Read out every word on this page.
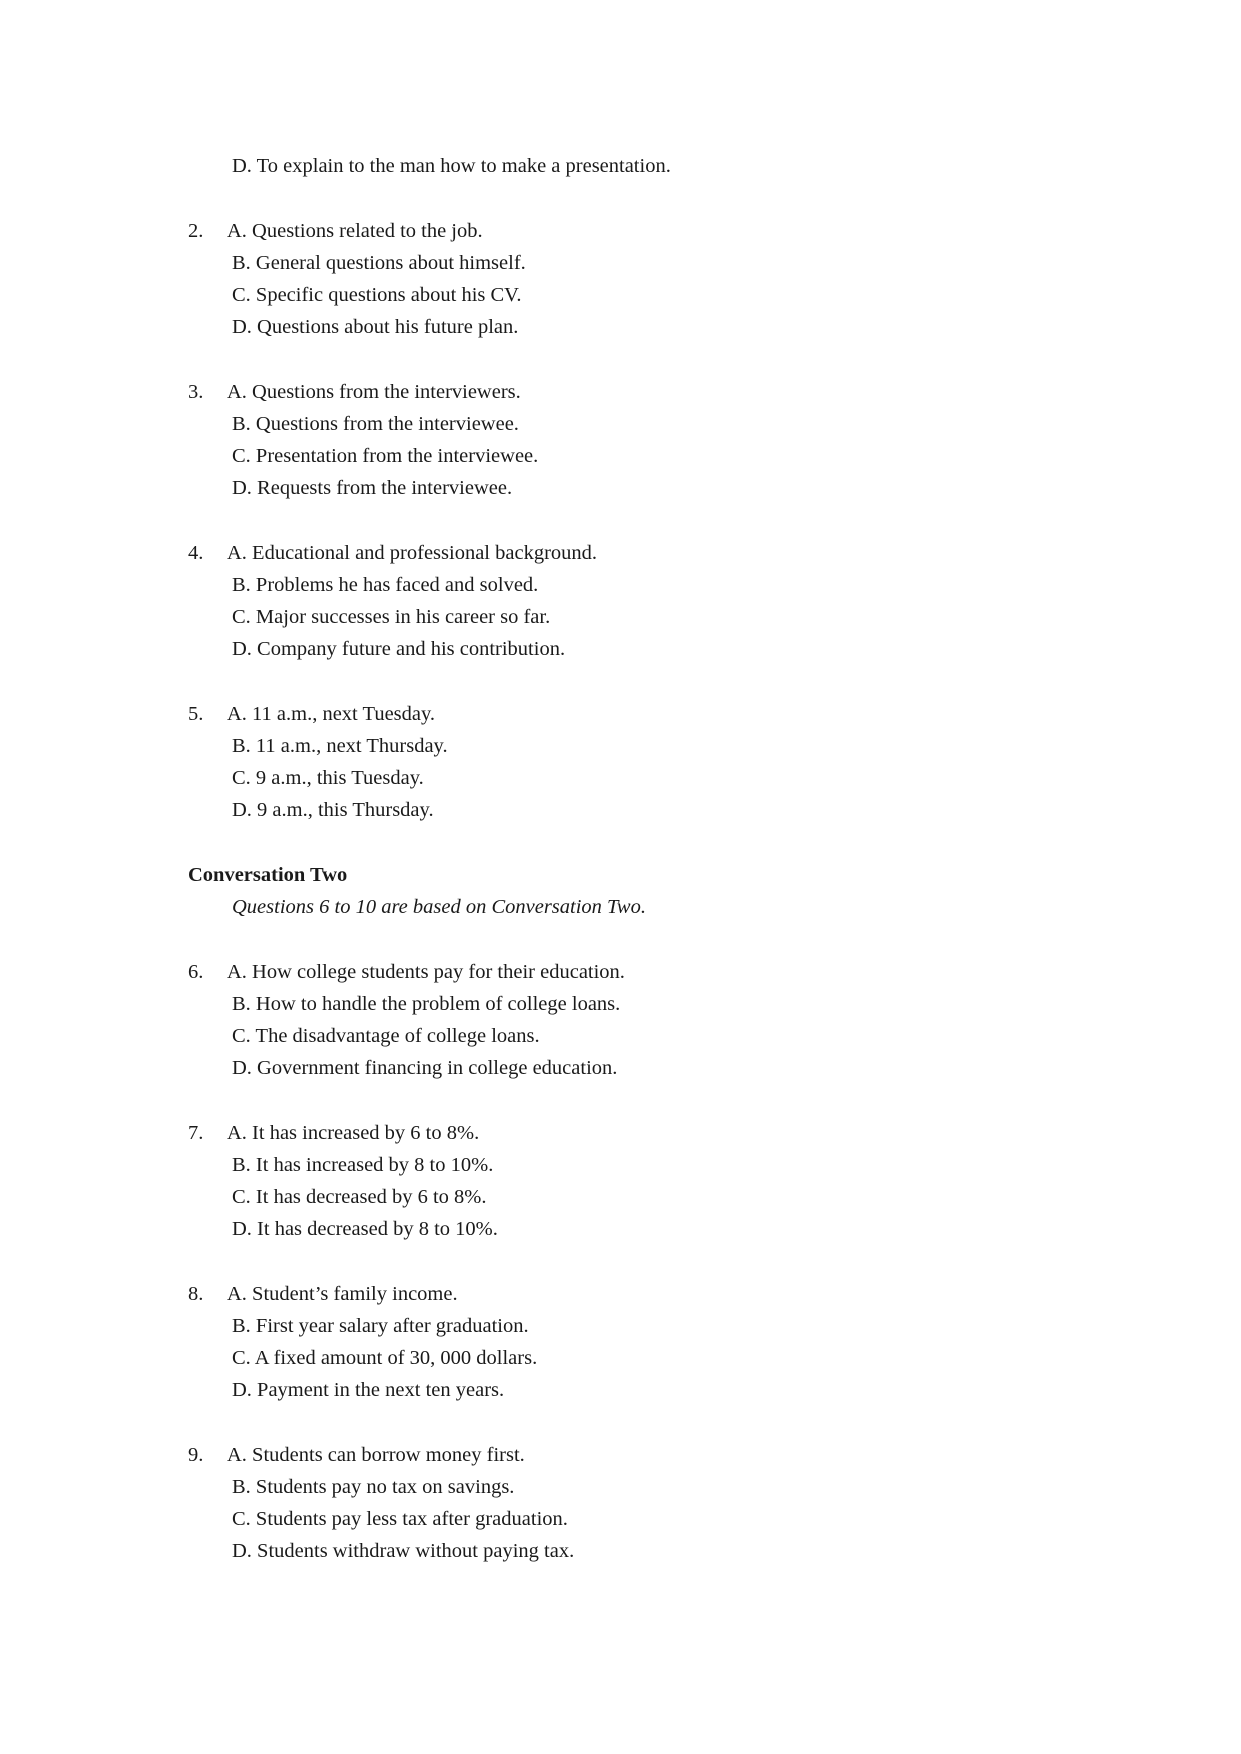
D. To explain to the man how to make a presentation.
2.	A. Questions related to the job.
B. General questions about himself.
C. Specific questions about his CV.
D. Questions about his future plan.
3.	A. Questions from the interviewers.
B. Questions from the interviewee.
C. Presentation from the interviewee.
D. Requests from the interviewee.
4.	A. Educational and professional background.
B. Problems he has faced and solved.
C. Major successes in his career so far.
D. Company future and his contribution.
5.	A. 11 a.m., next Tuesday.
B. 11 a.m., next Thursday.
C. 9 a.m., this Tuesday.
D. 9 a.m., this Thursday.
Conversation Two
Questions 6 to 10 are based on Conversation Two.
6.	A. How college students pay for their education.
B. How to handle the problem of college loans.
C. The disadvantage of college loans.
D. Government financing in college education.
7.	A. It has increased by 6 to 8%.
B. It has increased by 8 to 10%.
C. It has decreased by 6 to 8%.
D. It has decreased by 8 to 10%.
8.	A. Student’s family income.
B. First year salary after graduation.
C. A fixed amount of 30, 000 dollars.
D. Payment in the next ten years.
9.	A. Students can borrow money first.
B. Students pay no tax on savings.
C. Students pay less tax after graduation.
D. Students withdraw without paying tax.
